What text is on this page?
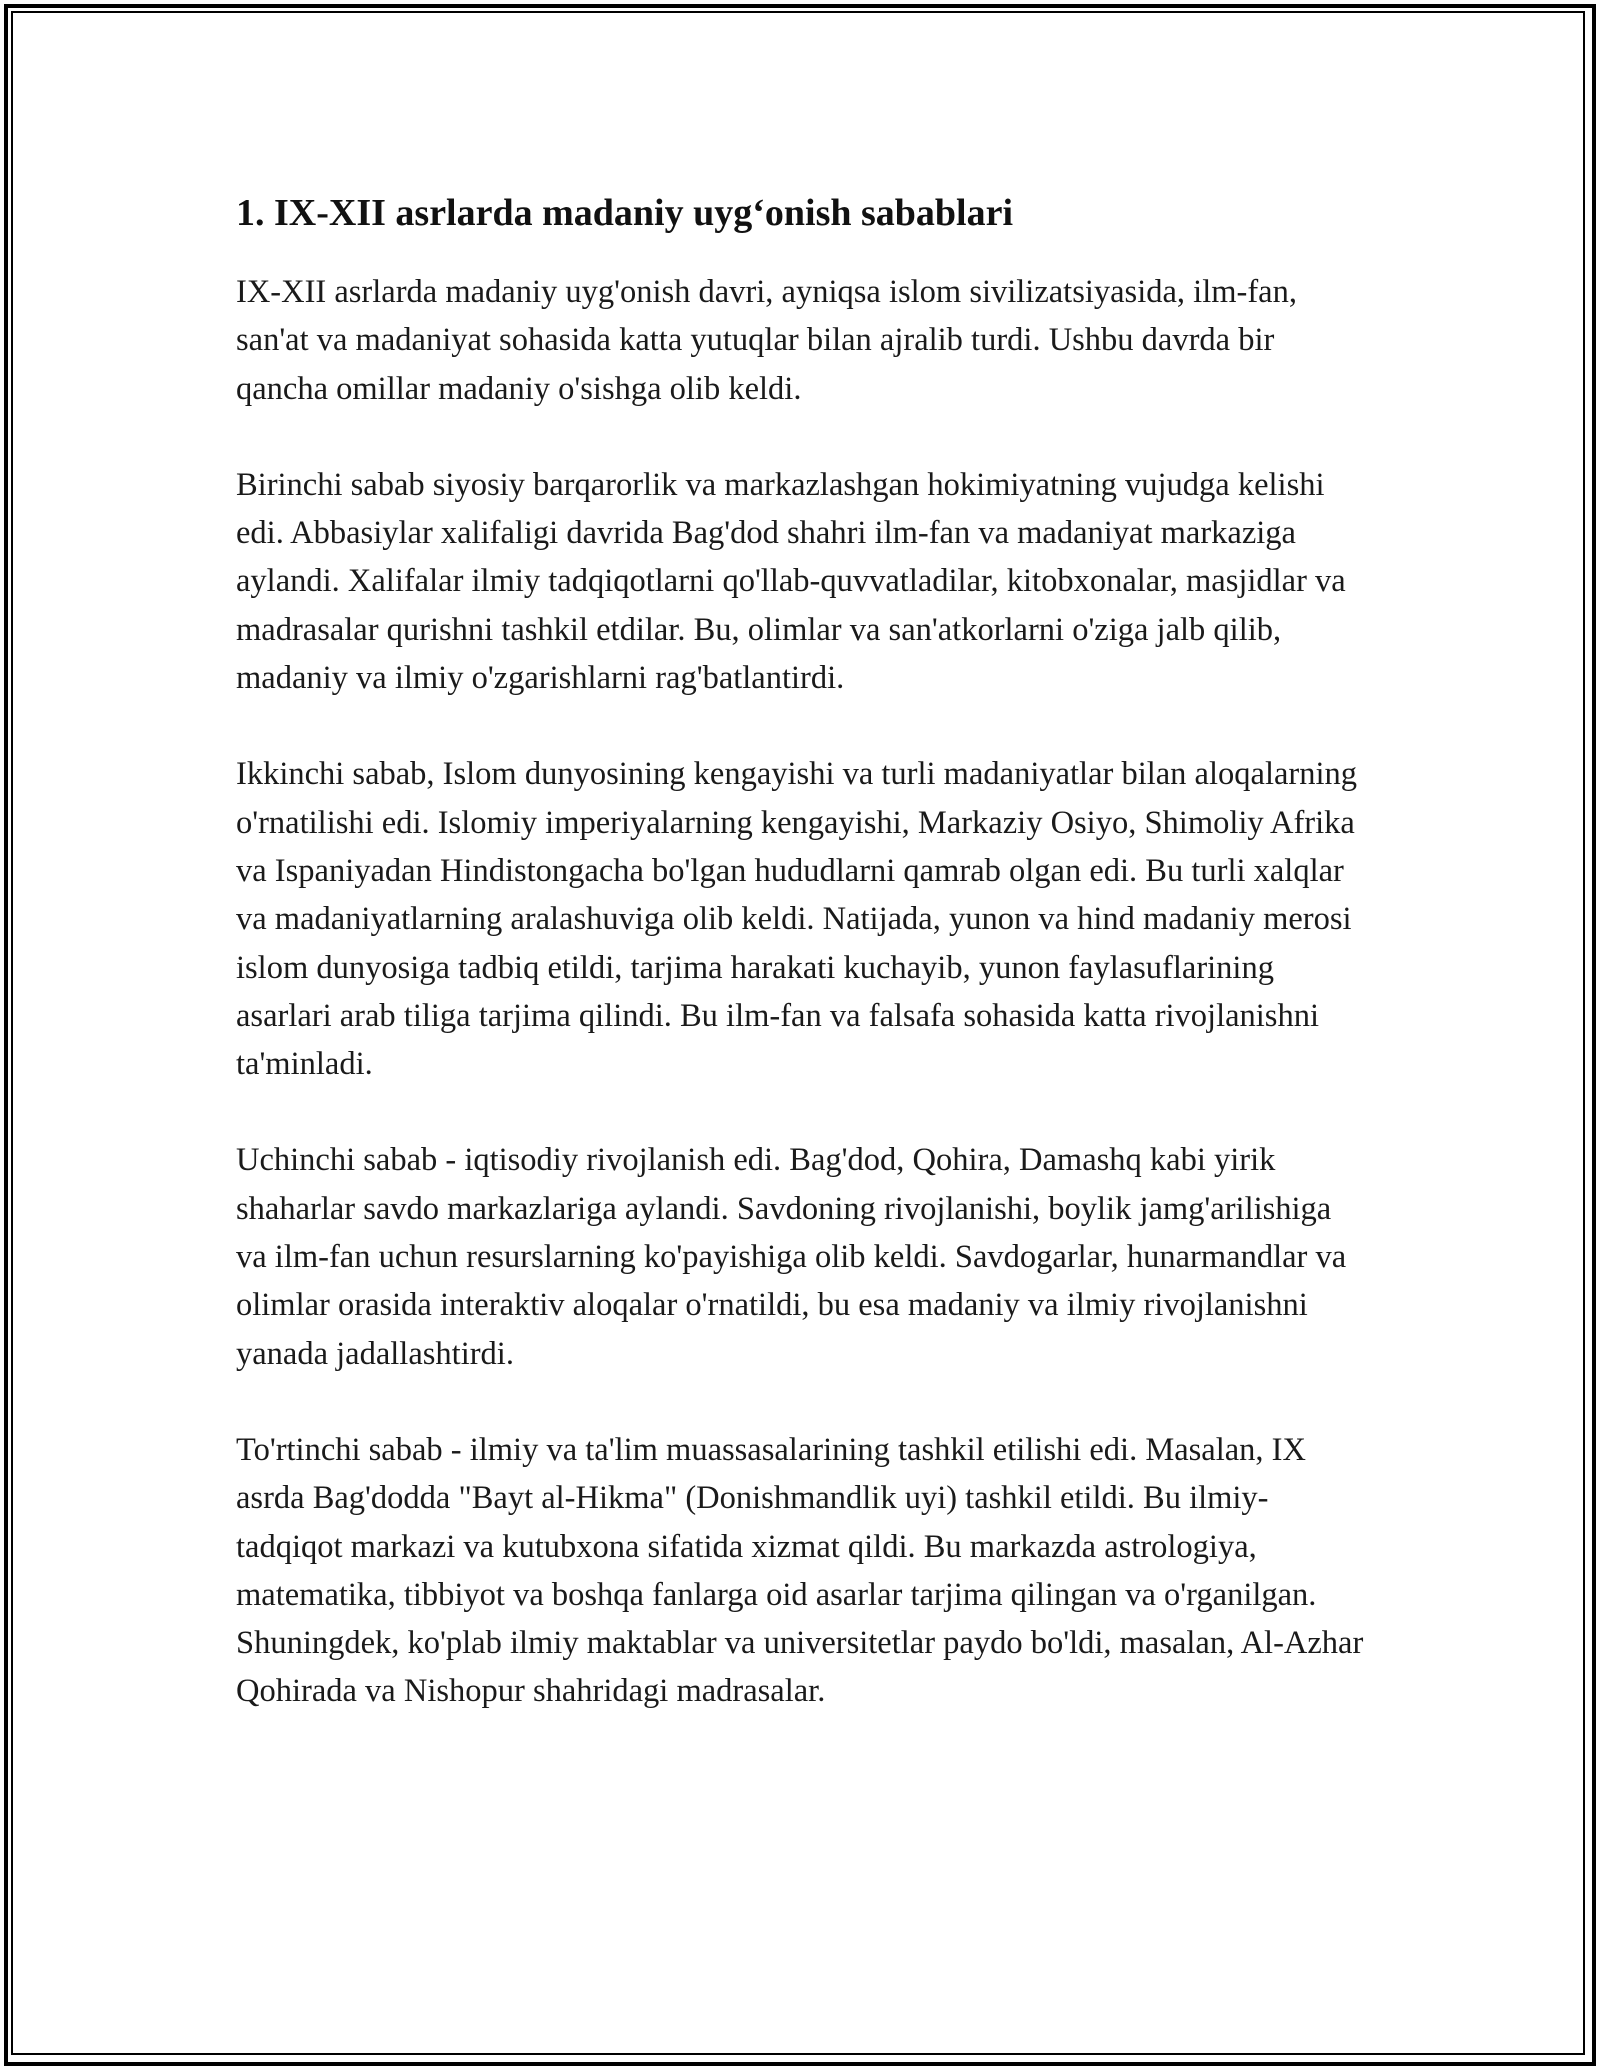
1. IX-XII asrlarda madaniy uyg‘onish sabablari

IX-XII asrlarda madaniy uyg'onish davri, ayniqsa islom sivilizatsiyasida, ilm-fan, san'at va madaniyat sohasida katta yutuqlar bilan ajralib turdi. Ushbu davrda bir qancha omillar madaniy o'sishga olib keldi.

Birinchi sabab siyosiy barqarorlik va markazlashgan hokimiyatning vujudga kelishi edi. Abbasiylar xalifaligi davrida Bag'dod shahri ilm-fan va madaniyat markaziga aylandi. Xalifalar ilmiy tadqiqotlarni qo'llab-quvvatladilar, kitobxonalar, masjidlar va madrasalar qurishni tashkil etdilar. Bu, olimlar va san'atkorlarni o'ziga jalb qilib, madaniy va ilmiy o'zgarishlarni rag'batlantirdi.

Ikkinchi sabab, Islom dunyosining kengayishi va turli madaniyatlar bilan aloqalarning o'rnatilishi edi. Islomiy imperiyalarning kengayishi, Markaziy Osiyo, Shimoliy Afrika va Ispaniyadan Hindistongacha bo'lgan hududlarni qamrab olgan edi. Bu turli xalqlar va madaniyatlarning aralashuviga olib keldi. Natijada, yunon va hind madaniy merosi islom dunyosiga tadbiq etildi, tarjima harakati kuchayib, yunon faylasuflarining asarlari arab tiliga tarjima qilindi. Bu ilm-fan va falsafa sohasida katta rivojlanishni ta'minladi.

Uchinchi sabab - iqtisodiy rivojlanish edi. Bag'dod, Qohira, Damashq kabi yirik shaharlar savdo markazlariga aylandi. Savdoning rivojlanishi, boylik jamg'arilishiga va ilm-fan uchun resurslarning ko'payishiga olib keldi. Savdogarlar, hunarmandlar va olimlar orasida interaktiv aloqalar o'rnatildi, bu esa madaniy va ilmiy rivojlanishni yanada jadallashtirdi.

To'rtinchi sabab - ilmiy va ta'lim muassasalarining tashkil etilishi edi. Masalan, IX asrda Bag'dodda "Bayt al-Hikma" (Donishmandlik uyi) tashkil etildi. Bu ilmiy-tadqiqot markazi va kutubxona sifatida xizmat qildi. Bu markazda astrologiya, matematika, tibbiyot va boshqa fanlarga oid asarlar tarjima qilingan va o'rganilgan. Shuningdek, ko'plab ilmiy maktablar va universitetlar paydo bo'ldi, masalan, Al-Azhar Qohirada va Nishopur shahridagi madrasalar.
